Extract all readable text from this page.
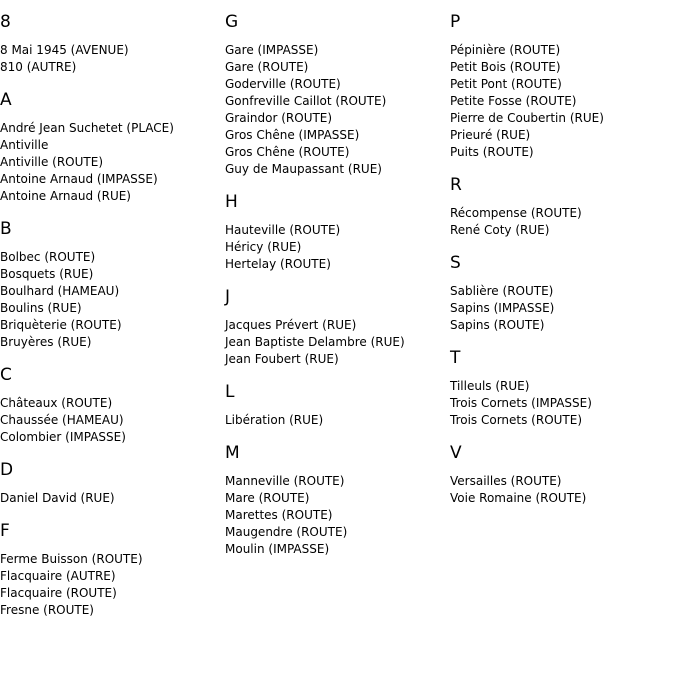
8
8 Mai 1945 (AVENUE)
810 (AUTRE)
A
André Jean Suchetet (PLACE)
Antiville
Antiville (ROUTE)
Antoine Arnaud (IMPASSE)
Antoine Arnaud (RUE)
B
Bolbec (ROUTE)
Bosquets (RUE)
Boulhard (HAMEAU)
Boulins (RUE)
Briquèterie (ROUTE)
Bruyères (RUE)
C
Châteaux (ROUTE)
Chaussée (HAMEAU)
Colombier (IMPASSE)
D
Daniel David (RUE)
F
Ferme Buisson (ROUTE)
Flacquaire (AUTRE)
Flacquaire (ROUTE)
Fresne (ROUTE)
G
Gare (IMPASSE)
Gare (ROUTE)
Goderville (ROUTE)
Gonfreville Caillot (ROUTE)
Graindor (ROUTE)
Gros Chêne (IMPASSE)
Gros Chêne (ROUTE)
Guy de Maupassant (RUE)
H
Hauteville (ROUTE)
Héricy (RUE)
Hertelay (ROUTE)
J
Jacques Prévert (RUE)
Jean Baptiste Delambre (RUE)
Jean Foubert (RUE)
L
Libération (RUE)
M
Manneville (ROUTE)
Mare (ROUTE)
Marettes (ROUTE)
Maugendre (ROUTE)
Moulin (IMPASSE)
P
Pépinière (ROUTE)
Petit Bois (ROUTE)
Petit Pont (ROUTE)
Petite Fosse (ROUTE)
Pierre de Coubertin (RUE)
Prieuré (RUE)
Puits (ROUTE)
R
Récompense (ROUTE)
René Coty (RUE)
S
Sablière (ROUTE)
Sapins (IMPASSE)
Sapins (ROUTE)
T
Tilleuls (RUE)
Trois Cornets (IMPASSE)
Trois Cornets (ROUTE)
V
Versailles (ROUTE)
Voie Romaine (ROUTE)
